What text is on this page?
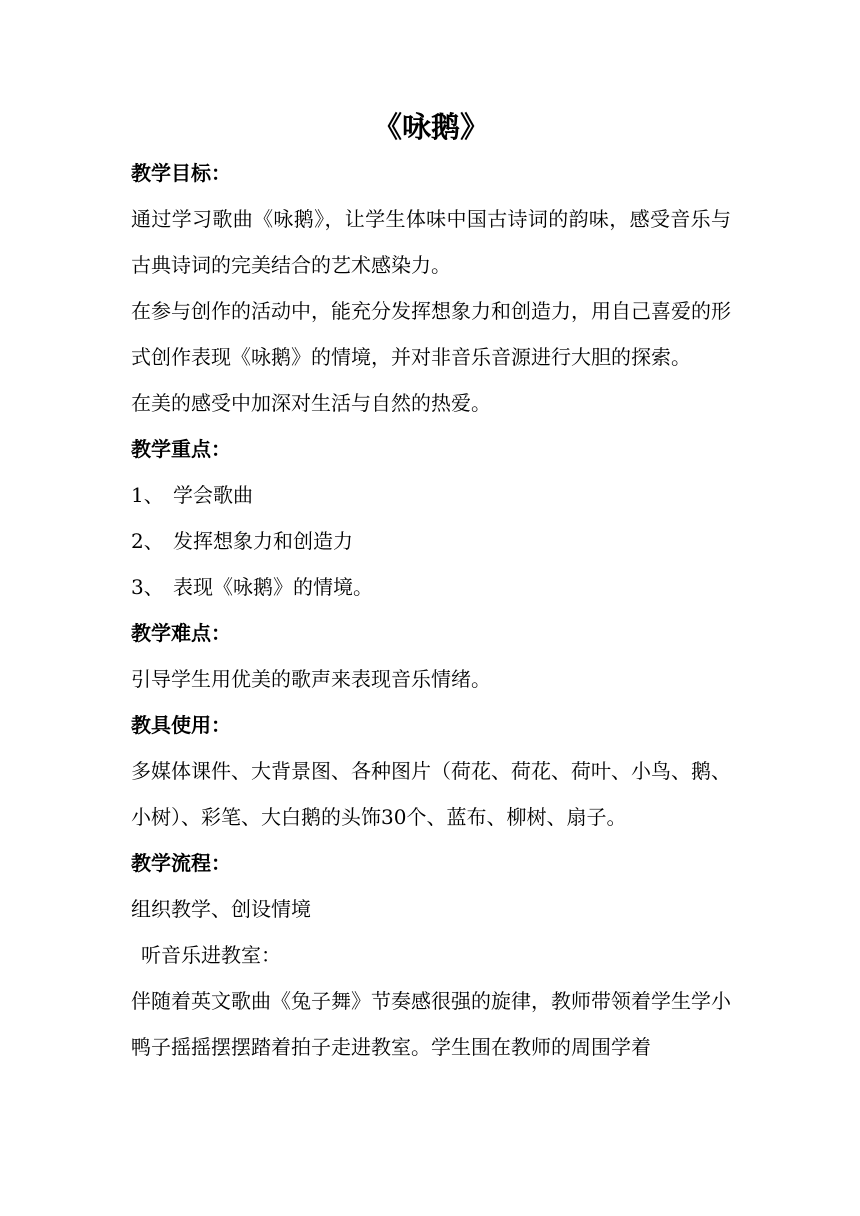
《咏鹅》
教学目标：

通过学习歌曲《咏鹅》，让学生体味中国古诗词的韵味，感受音乐与古典诗词的完美结合的艺术感染力。

在参与创作的活动中，能充分发挥想象力和创造力，用自己喜爱的形式创作表现《咏鹅》的情境，并对非音乐音源进行大胆的探索。

在美的感受中加深对生活与自然的热爱。

教学重点：
1、 学会歌曲
2、 发挥想象力和创造力
3、 表现《咏鹅》的情境。
教学难点：

引导学生用优美的歌声来表现音乐情绪。

教具使用：

多媒体课件、大背景图、各种图片（荷花、荷花、荷叶、小鸟、鹅、小树）、彩笔、大白鹅的头饰30个、蓝布、柳树、扇子。

教学流程：

组织教学、创设情境

听音乐进教室：

伴随着英文歌曲《兔子舞》节奏感很强的旋律，教师带领着学生学小鸭子摇摇摆摆踏着拍子走进教室。学生围在教师的周围学着
